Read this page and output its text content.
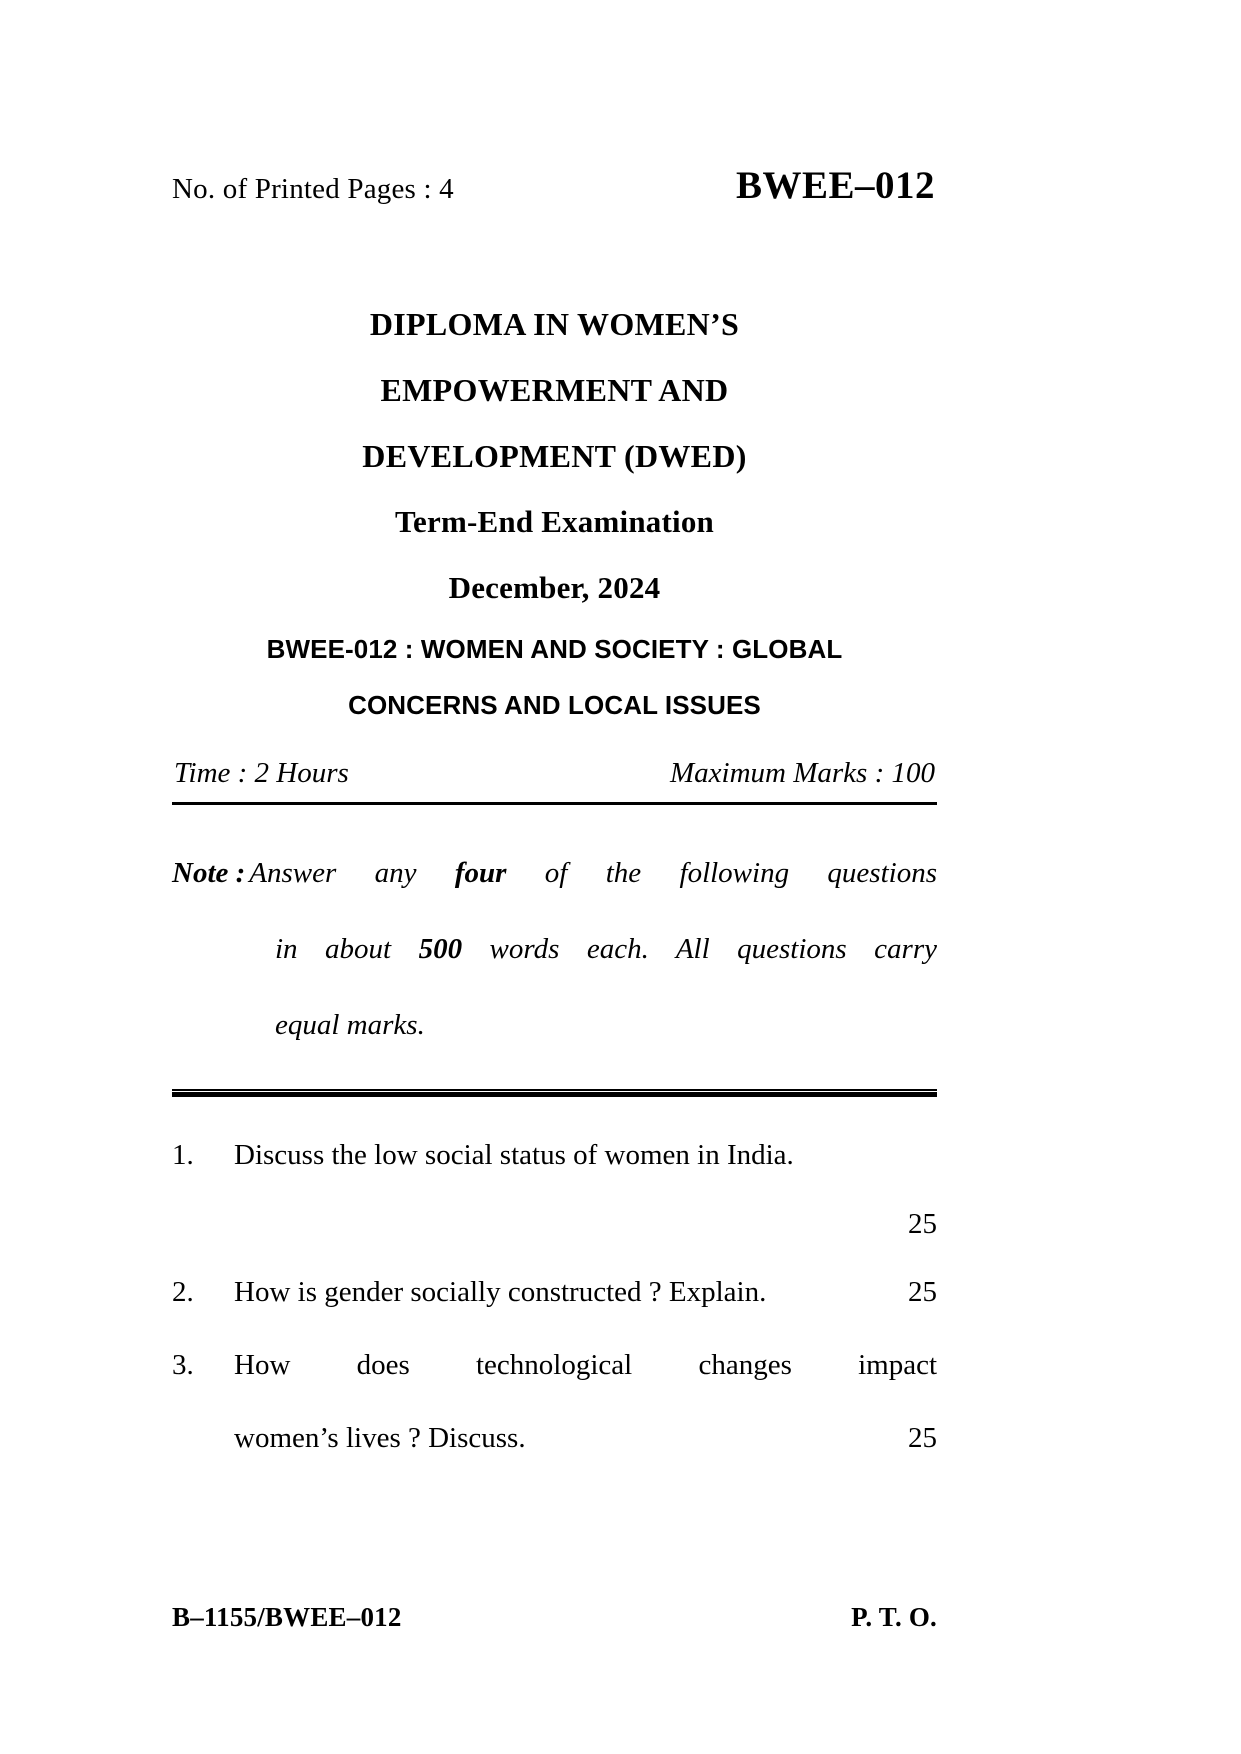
No. of Printed Pages : 4	BWEE–012
DIPLOMA IN WOMEN’S
EMPOWERMENT AND
DEVELOPMENT (DWED)
Term-End Examination
December, 2024
BWEE-012 : WOMEN AND SOCIETY : GLOBAL
CONCERNS AND LOCAL ISSUES
Time : 2 Hours	Maximum Marks : 100
Note : Answer any four of the following questions
in about 500 words each. All questions carry
equal marks.
1.	Discuss the low social status of women in India.
25
2.	How is gender socially constructed ? Explain.	25
3.	How does technological changes impact
women’s lives ? Discuss.	25
B–1155/BWEE–012	P. T. O.
